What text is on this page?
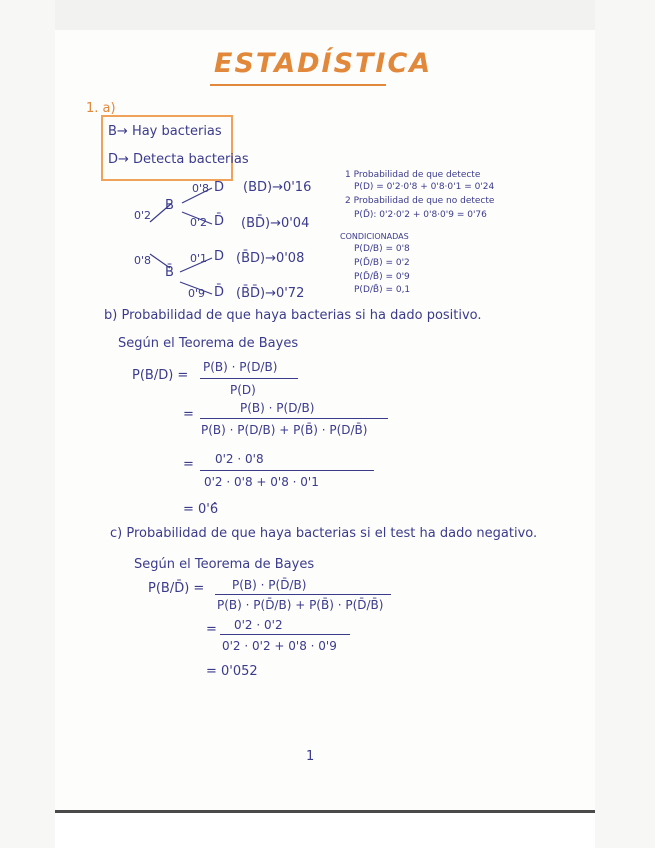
ESTADÍSTICA
1. a)
B→ Hay bacterias
D→ Detecta bacterias
0'2
0'8
B
B̄
0'8 D (BD)→0'16
0'2 D̄ (BD̄)→0'04
0'1 D (B̄D)→0'08
0'9 D̄ (B̄D̄)→0'72
1 Probabilidad de que detecte
P(D) = 0'2·0'8 + 0'8·0'1 = 0'24
2 Probabilidad de que no detecte
P(D̄): 0'2·0'2 + 0'8·0'9 = 0'76
CONDICIONADAS
P(D/B) = 0'8
P(D̄/B) = 0'2
P(D̄/B̄) = 0'9
P(D/B̄) = 0,1
b) Probabilidad de que haya bacterias si ha dado positivo.
Según el Teorema de Bayes
P(B/D) =
P(B) · P(D/B)
P(D)
=	P(B) · P(D/B)
P(B) · P(D/B) + P(B̄) · P(D/B̄)
= 0'2 · 0'8
0'2 · 0'8 + 0'8 · 0'1
= 0'6̂
c) Probabilidad de que haya bacterias si el test ha dado negativo.
Según el Teorema de Bayes
P(B/D̄) = P(B) · P(D̄/B)
P(B) · P(D̄/B) + P(B̄) · P(D̄/B̄)
= 0'2 · 0'2
0'2 · 0'2 + 0'8 · 0'9
= 0'052
1
